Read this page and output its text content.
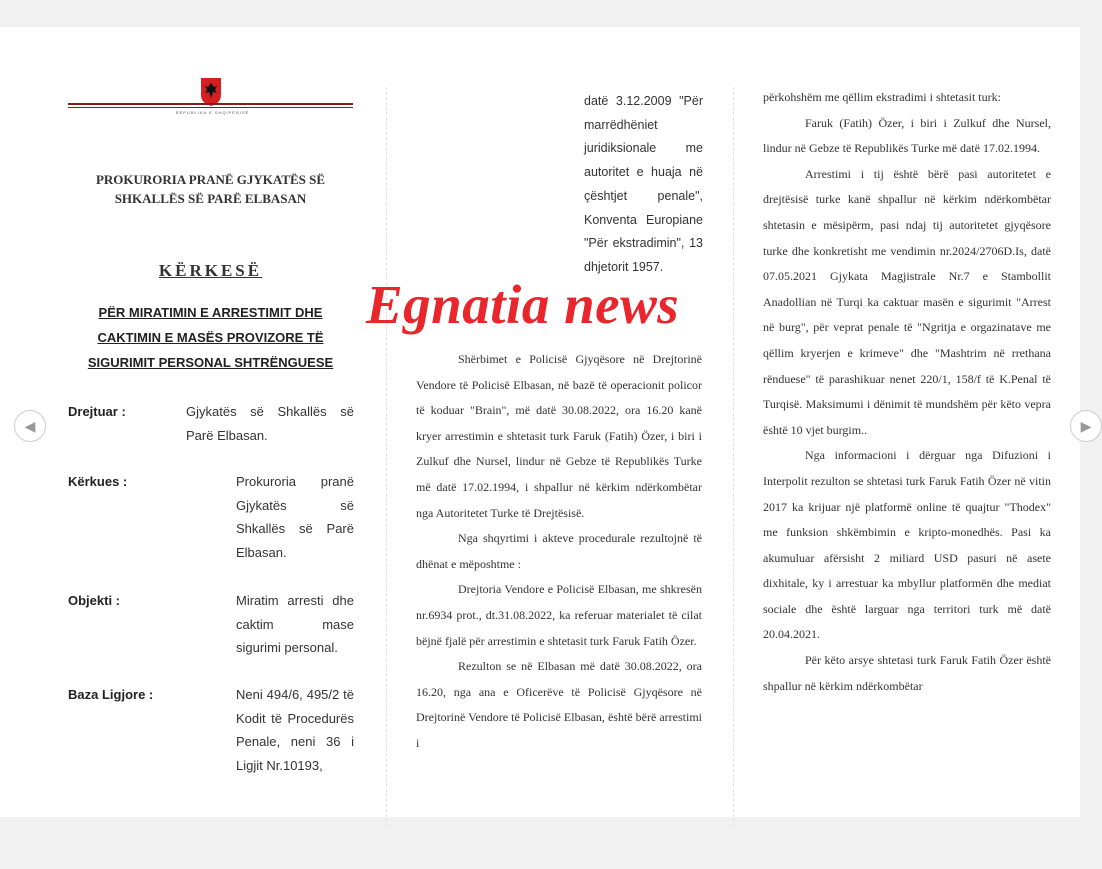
REPUBLIKA E SHQIPËRISË
PROKURORIA PRANË GJYKATËS SË SHKALLËS SË PARË ELBASAN
KËRKESË
PËR MIRATIMIN E ARRESTIMIT DHE CAKTIMIN E MASËS PROVIZORE TË SIGURIMIT PERSONAL SHTRËNGUESE
Drejtuar :	Gjykatës së Shkallës së Parë Elbasan.
Kërkues :	Prokuroria pranë Gjykatës së Shkallës së Parë Elbasan.
Objekti :	Miratim arresti dhe caktim mase sigurimi personal.
Baza Ligjore :	Neni 494/6, 495/2 të Kodit të Procedurës Penale, neni 36 i Ligjit Nr.10193,
datë 3.12.2009 "Për marrëdhëniet juridiksionale me autoritet e huaja në çështjet penale", Konventa Europiane "Për ekstradimin", 13 dhjetorit 1957.

Shërbimet e Policisë Gjyqësore në Drejtorinë Vendore të Policisë Elbasan, në bazë të operacionit policor të koduar "Brain", më datë 30.08.2022, ora 16.20 kanë kryer arrestimin e shtetasit turk Faruk (Fatih) Özer, i biri i Zulkuf dhe Nursel, lindur në Gebze të Republikës Turke më datë 17.02.1994, i shpallur në kërkim ndërkombëtar nga Autoritetet Turke të Drejtësisë.

Nga shqyrtimi i akteve procedurale rezultojnë të dhënat e mëposhtme :

Drejtoria Vendore e Policisë Elbasan, me shkresën nr.6934 prot., dt.31.08.2022, ka referuar materialet të cilat bëjnë fjalë për arrestimin e shtetasit turk Faruk Fatih Özer.

Rezulton se në Elbasan më datë 30.08.2022, ora 16.20, nga ana e Oficerëve të Policisë Gjyqësore në Drejtorinë Vendore të Policisë Elbasan, është bërë arrestimi i

përkohshëm me qëllim ekstradimi i shtetasit turk:

Faruk (Fatih) Özer, i biri i Zulkuf dhe Nursel, lindur në Gebze të Republikës Turke më datë 17.02.1994.

Arrestimi i tij është bërë pasi autoritetet e drejtësisë turke kanë shpallur në kërkim ndërkombëtar shtetasin e mësipërm, pasi ndaj tij autoritetet gjyqësore turke dhe konkretisht me vendimin nr.2024/2706D.Is, datë 07.05.2021 Gjykata Magjistrale Nr.7 e Stambollit Anadollian në Turqi ka caktuar masën e sigurimit "Arrest në burg", për veprat penale të "Ngritja e orgazinatave me qëllim kryerjen e krimeve" dhe "Mashtrim në rrethana rënduese" të parashikuar nenet 220/1, 158/f të K.Penal të Turqisë. Maksimumi i dënimit të mundshëm për këto vepra është 10 vjet burgim..

Nga informacioni i dërguar nga Difuzioni i Interpolit rezulton se shtetasi turk Faruk Fatih Özer në vitin 2017 ka krijuar një platformë online të quajtur "Thodex" me funksion shkëmbimin e kripto-monedhës. Pasi ka akumuluar afërsisht 2 miliard USD pasuri në asete dixhitale, ky i arrestuar ka mbyllur platformën dhe mediat sociale dhe është larguar nga territori turk më datë 20.04.2021.

Për këto arsye shtetasi turk Faruk Fatih Özer është shpallur në kërkim ndërkombëtar

Egnatia news
◀	▶
